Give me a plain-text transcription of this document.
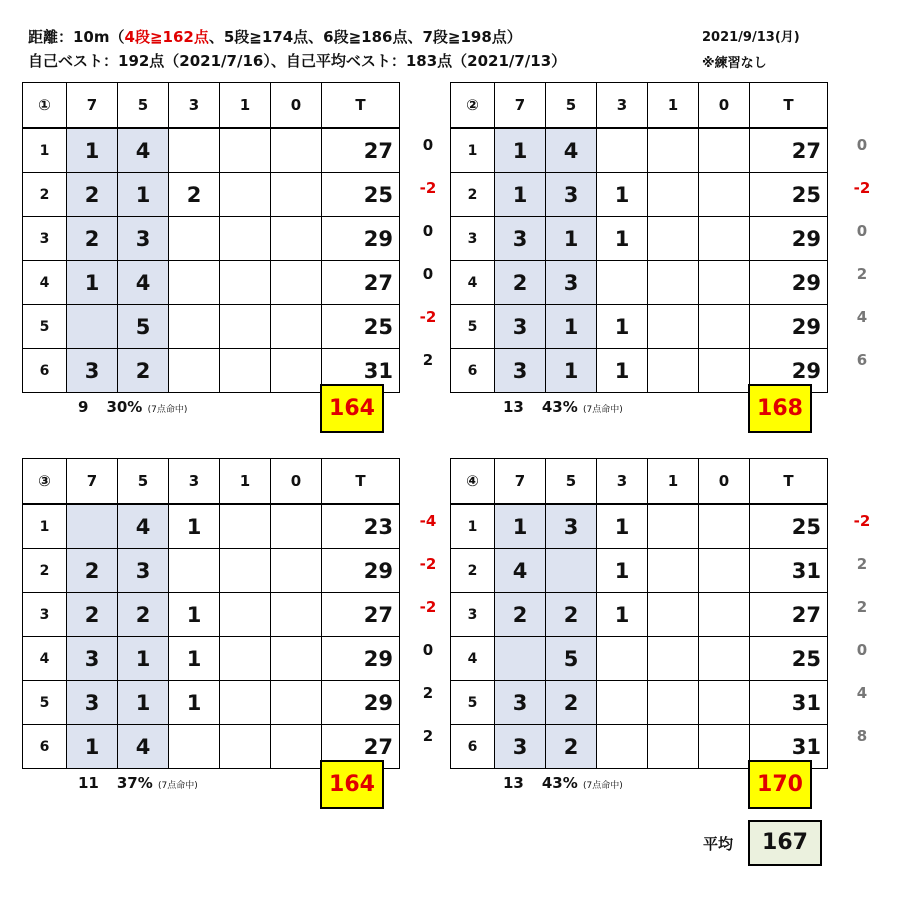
距離：10m（4段≧162点、5段≧174点、6段≧186点、7段≧198点）
自己ベスト：192点（2021/7/16）、自己平均ベスト：183点（2021/7/13）
2021/9/13(月)
※練習なし
①	7	5	3	1	0	T
1	1	4				27
2	2	1	2			25
3	2	3				29
4	1	4				27
5		5				25
6	3	2				31
0
-2
0
0
-2
2
9 30% (7点命中)	164
②	7	5	3	1	0	T
1	1	4				27
2	1	3	1			25
3	3	1	1			29
4	2	3				29
5	3	1	1			29
6	3	1	1			29
0
-2
0
2
4
6
13 43% (7点命中)	168
③	7	5	3	1	0	T
1		4	1			23
2	2	3				29
3	2	2	1			27
4	3	1	1			29
5	3	1	1			29
6	1	4				27
-4
-2
-2
0
2
2
11 37% (7点命中)	164
④	7	5	3	1	0	T
1	1	3	1			25
2	4		1			31
3	2	2	1			27
4		5				25
5	3	2				31
6	3	2				31
-2
2
2
0
4
8
13 43% (7点命中)	170
平均	167
